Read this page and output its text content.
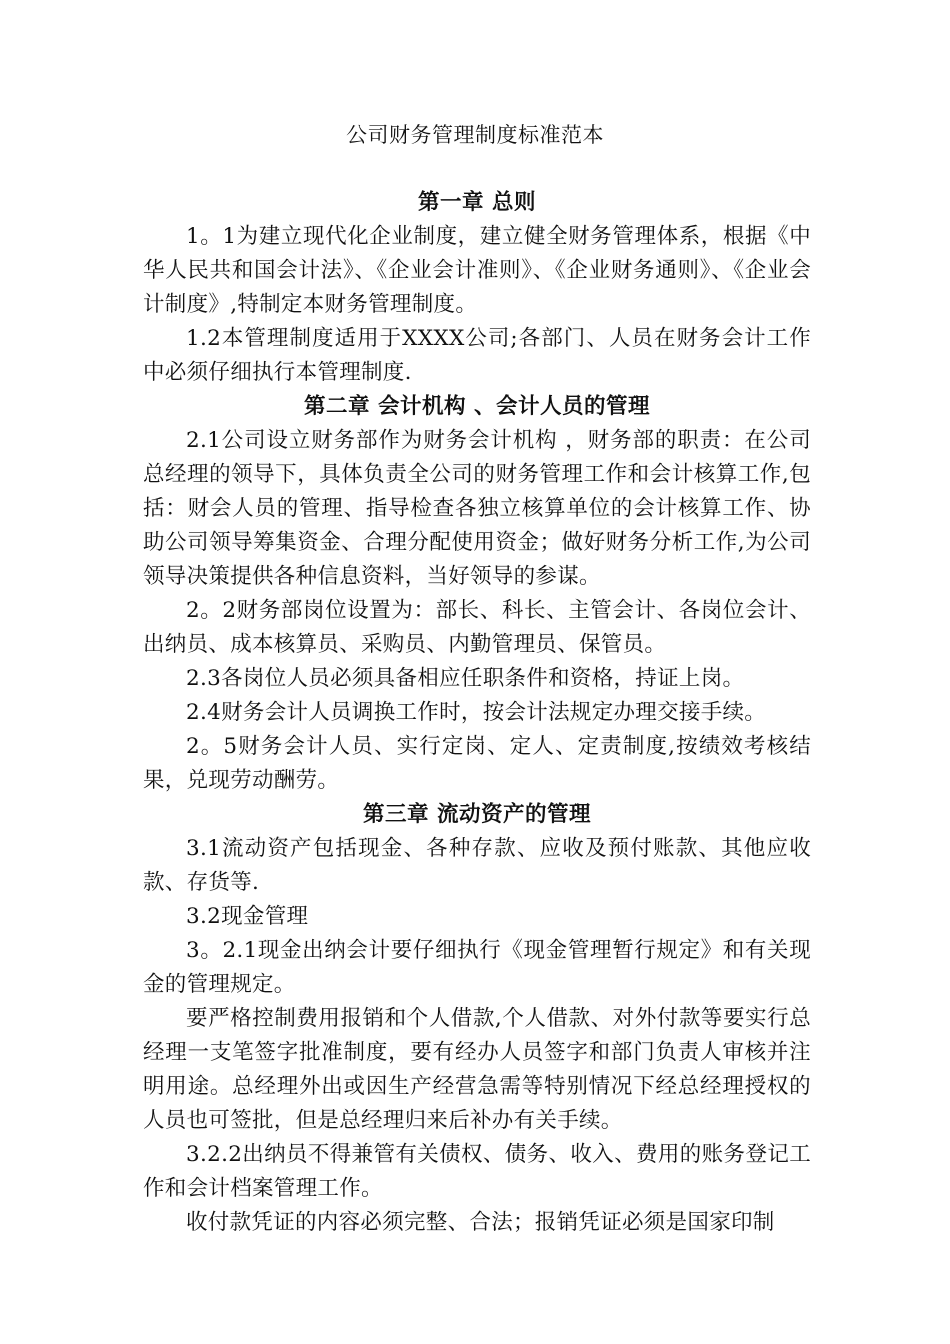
公司财务管理制度标准范本
第一章 总则

1。1为建立现代化企业制度，建立健全财务管理体系，根据《中华人民共和国会计法》、《企业会计准则》、《企业财务通则》、《企业会计制度》,特制定本财务管理制度。

1.2本管理制度适用于XXXX公司;各部门、人员在财务会计工作中必须仔细执行本管理制度.

第二章 会计机构 、会计人员的管理

2.1公司设立财务部作为财务会计机构 ，财务部的职责：在公司总经理的领导下，具体负责全公司的财务管理工作和会计核算工作,包括：财会人员的管理、指导检查各独立核算单位的会计核算工作、协助公司领导筹集资金、合理分配使用资金；做好财务分析工作,为公司领导决策提供各种信息资料，当好领导的参谋。

2。2财务部岗位设置为：部长、科长、主管会计、各岗位会计、出纳员、成本核算员、采购员、内勤管理员、保管员。

2.3各岗位人员必须具备相应任职条件和资格，持证上岗。

2.4财务会计人员调换工作时，按会计法规定办理交接手续。

2。5财务会计人员、实行定岗、定人、定责制度,按绩效考核结果，兑现劳动酬劳。

第三章 流动资产的管理

3.1流动资产包括现金、各种存款、应收及预付账款、其他应收款、存货等.

3.2现金管理

3。2.1现金出纳会计要仔细执行《现金管理暂行规定》和有关现金的管理规定。

要严格控制费用报销和个人借款,个人借款、对外付款等要实行总经理一支笔签字批准制度，要有经办人员签字和部门负责人审核并注明用途。总经理外出或因生产经营急需等特别情况下经总经理授权的人员也可签批，但是总经理归来后补办有关手续。

3.2.2出纳员不得兼管有关债权、债务、收入、费用的账务登记工作和会计档案管理工作。

收付款凭证的内容必须完整、合法；报销凭证必须是国家印制
